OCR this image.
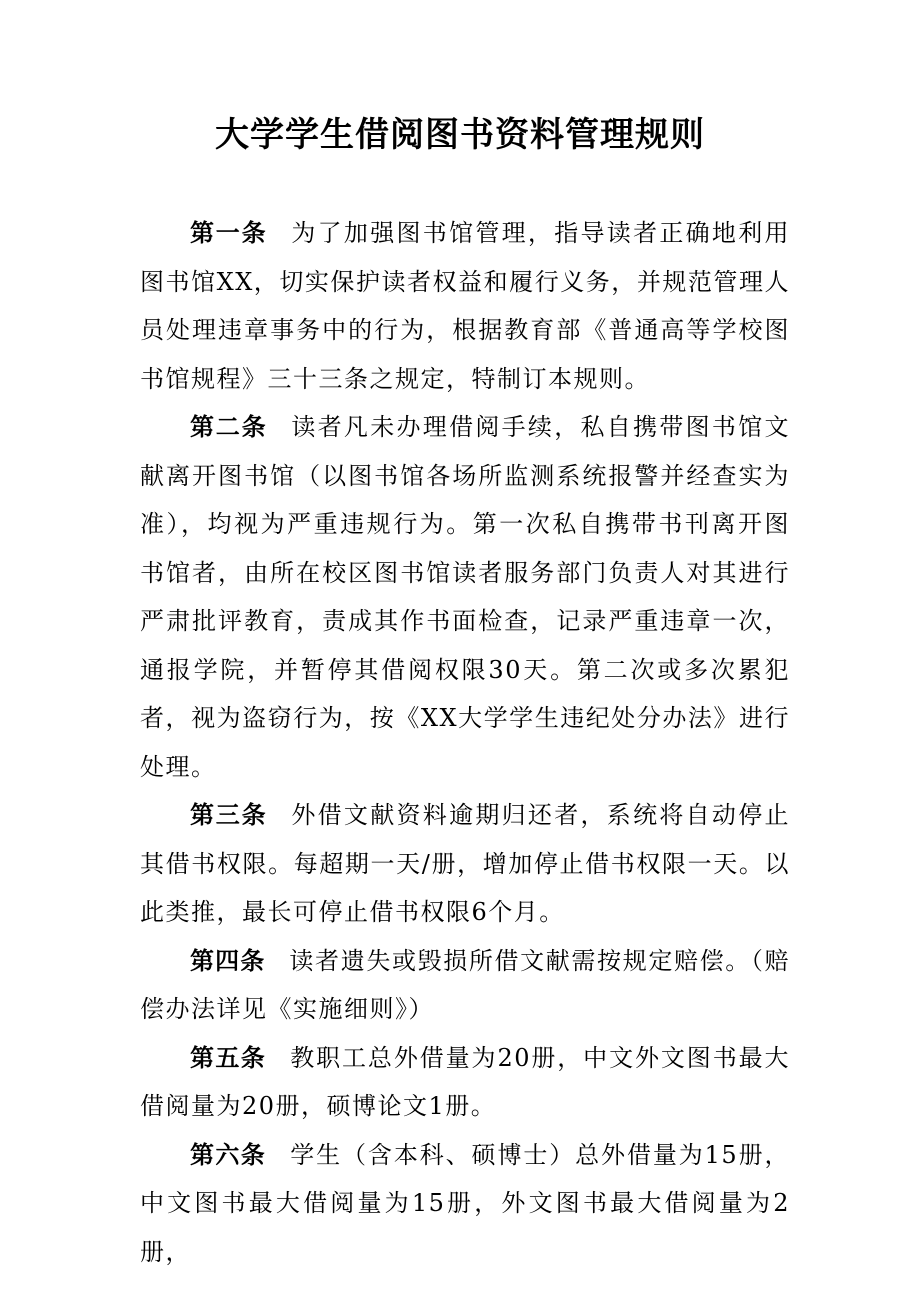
大学学生借阅图书资料管理规则

第一条 为了加强图书馆管理，指导读者正确地利用图书馆XX，切实保护读者权益和履行义务，并规范管理人员处理违章事务中的行为，根据教育部《普通高等学校图书馆规程》三十三条之规定，特制订本规则。

第二条 读者凡未办理借阅手续，私自携带图书馆文献离开图书馆（以图书馆各场所监测系统报警并经查实为准），均视为严重违规行为。第一次私自携带书刊离开图书馆者，由所在校区图书馆读者服务部门负责人对其进行严肃批评教育，责成其作书面检查，记录严重违章一次，通报学院，并暂停其借阅权限30天。第二次或多次累犯者，视为盗窃行为，按《XX大学学生违纪处分办法》进行处理。

第三条 外借文献资料逾期归还者，系统将自动停止其借书权限。每超期一天/册，增加停止借书权限一天。以此类推，最长可停止借书权限6个月。

第四条 读者遗失或毁损所借文献需按规定赔偿。（赔偿办法详见《实施细则》）

第五条 教职工总外借量为20册，中文外文图书最大借阅量为20册，硕博论文1册。

第六条 学生（含本科、硕博士）总外借量为15册，中文图书最大借阅量为15册，外文图书最大借阅量为2册，
